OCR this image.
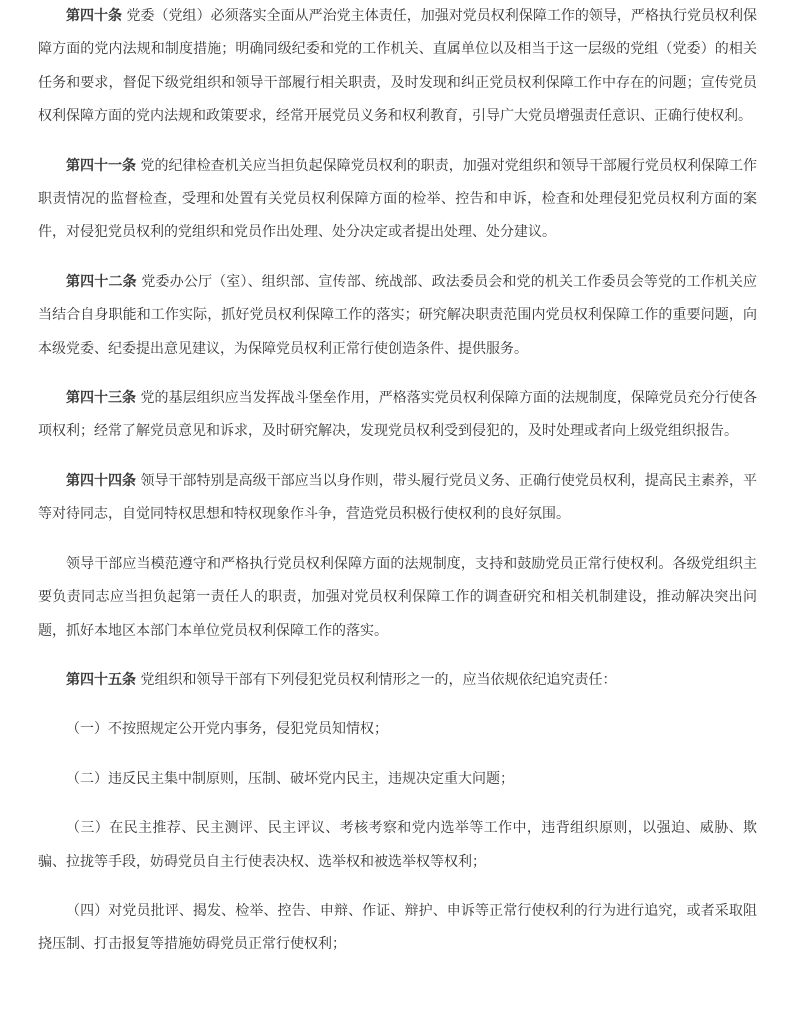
第四十条 党委（党组）必须落实全面从严治党主体责任，加强对党员权利保障工作的领导，严格执行党员权利保障方面的党内法规和制度措施；明确同级纪委和党的工作机关、直属单位以及相当于这一层级的党组（党委）的相关任务和要求，督促下级党组织和领导干部履行相关职责，及时发现和纠正党员权利保障工作中存在的问题；宣传党员权利保障方面的党内法规和政策要求，经常开展党员义务和权利教育，引导广大党员增强责任意识、正确行使权利。

第四十一条 党的纪律检查机关应当担负起保障党员权利的职责，加强对党组织和领导干部履行党员权利保障工作职责情况的监督检查，受理和处置有关党员权利保障方面的检举、控告和申诉，检查和处理侵犯党员权利方面的案件，对侵犯党员权利的党组织和党员作出处理、处分决定或者提出处理、处分建议。

第四十二条 党委办公厅（室）、组织部、宣传部、统战部、政法委员会和党的机关工作委员会等党的工作机关应当结合自身职能和工作实际，抓好党员权利保障工作的落实；研究解决职责范围内党员权利保障工作的重要问题，向本级党委、纪委提出意见建议，为保障党员权利正常行使创造条件、提供服务。

第四十三条 党的基层组织应当发挥战斗堡垒作用，严格落实党员权利保障方面的法规制度，保障党员充分行使各项权利；经常了解党员意见和诉求，及时研究解决，发现党员权利受到侵犯的，及时处理或者向上级党组织报告。

第四十四条 领导干部特别是高级干部应当以身作则，带头履行党员义务、正确行使党员权利，提高民主素养，平等对待同志，自觉同特权思想和特权现象作斗争，营造党员积极行使权利的良好氛围。

领导干部应当模范遵守和严格执行党员权利保障方面的法规制度，支持和鼓励党员正常行使权利。各级党组织主要负责同志应当担负起第一责任人的职责，加强对党员权利保障工作的调查研究和相关机制建设，推动解决突出问题，抓好本地区本部门本单位党员权利保障工作的落实。

第四十五条 党组织和领导干部有下列侵犯党员权利情形之一的，应当依规依纪追究责任：

（一）不按照规定公开党内事务，侵犯党员知情权；

（二）违反民主集中制原则，压制、破坏党内民主，违规决定重大问题；

（三）在民主推荐、民主测评、民主评议、考核考察和党内选举等工作中，违背组织原则，以强迫、威胁、欺骗、拉拢等手段，妨碍党员自主行使表决权、选举权和被选举权等权利；

（四）对党员批评、揭发、检举、控告、申辩、作证、辩护、申诉等正常行使权利的行为进行追究，或者采取阻挠压制、打击报复等措施妨碍党员正常行使权利；
